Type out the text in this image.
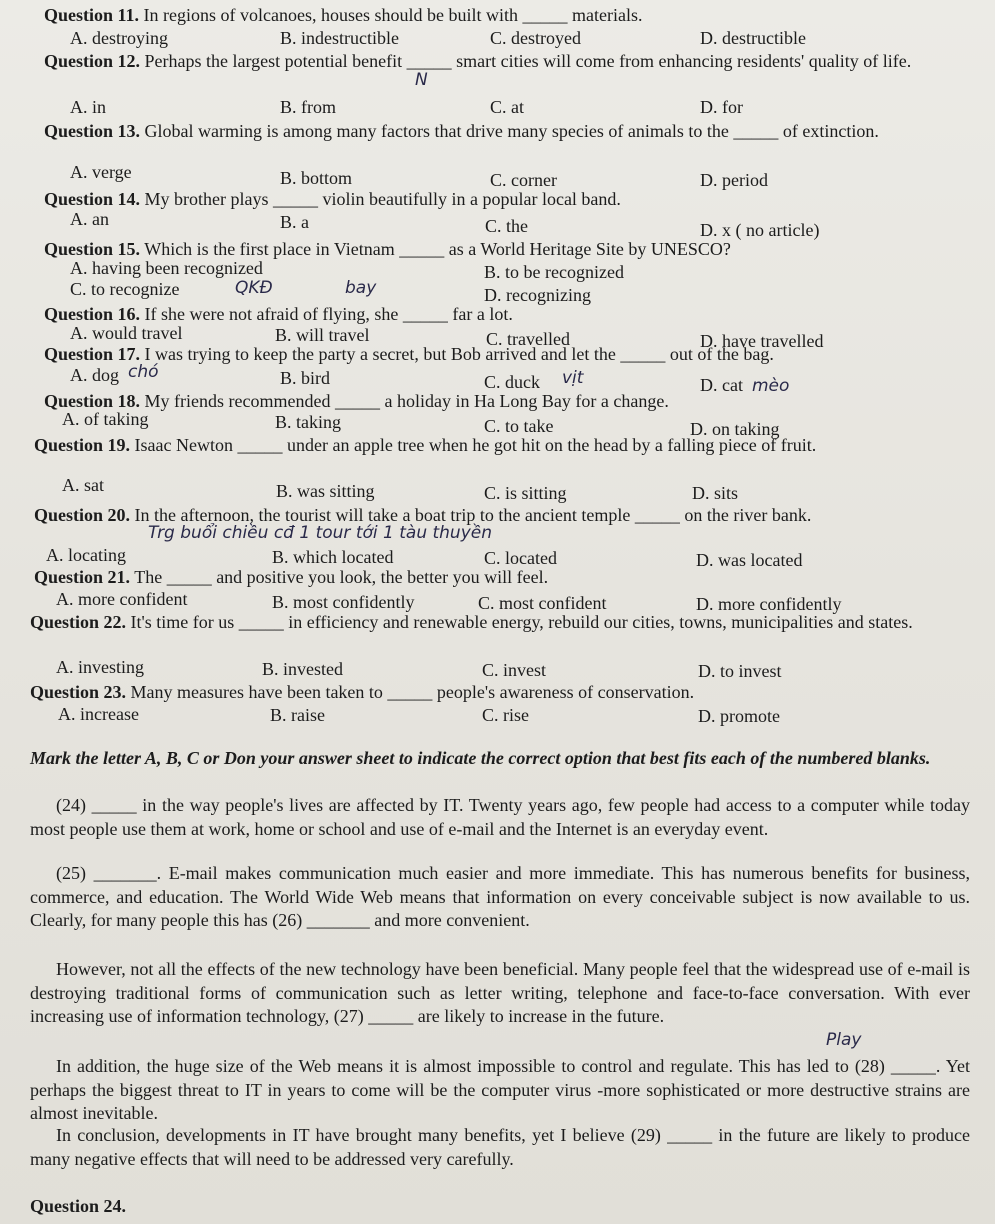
Question 11. In regions of volcanoes, houses should be built with _____ materials.
A. destroying	B. indestructible	C. destroyed	D. destructible
Question 12. Perhaps the largest potential benefit _____ smart cities will come from enhancing residents' quality of life.
A. in	B. from	C. at	D. for
N
Question 13. Global warming is among many factors that drive many species of animals to the _____ of extinction.
A. verge	B. bottom	C. corner	D. period
Question 14. My brother plays _____ violin beautifully in a popular local band.
A. an	B. a	C. the	D. x ( no article)
Question 15. Which is the first place in Vietnam _____ as a World Heritage Site by UNESCO?
A. having been recognized	B. to be recognized
C. to recognize	D. recognizing
QKĐ	bay
Question 16. If she were not afraid of flying, she _____ far a lot.
A. would travel	B. will travel	C. travelled	D. have travelled
Question 17. I was trying to keep the party a secret, but Bob arrived and let the _____ out of the bag.
A. dog	B. bird	C. duck	D. cat
chó	vịt	mèo
Question 18. My friends recommended _____ a holiday in Ha Long Bay for a change.
A. of taking	B. taking	C. to take	D. on taking
Question 19. Isaac Newton _____ under an apple tree when he got hit on the head by a falling piece of fruit.
A. sat	B. was sitting	C. is sitting	D. sits
Question 20. In the afternoon, the tourist will take a boat trip to the ancient temple _____ on the river bank.
Trg buổi chiều cđ 1 tour tới 1 tàu thuyền
A. locating	B. which located	C. located	D. was located
Question 21. The _____ and positive you look, the better you will feel.
A. more confident	B. most confidently	C. most confident	D. more confidently
Question 22. It's time for us _____ in efficiency and renewable energy, rebuild our cities, towns, municipalities and states.
A. investing	B. invested	C. invest	D. to invest
Question 23. Many measures have been taken to _____ people's awareness of conservation.
A. increase	B. raise	C. rise	D. promote
Mark the letter A, B, C or Don your answer sheet to indicate the correct option that best fits each of the numbered blanks.
(24) _____ in the way people's lives are affected by IT. Twenty years ago, few people had access to a computer while today most people use them at work, home or school and use of e-mail and the Internet is an everyday event.
(25) _______. E-mail makes communication much easier and more immediate. This has numerous benefits for business, commerce, and education. The World Wide Web means that information on every conceivable subject is now available to us. Clearly, for many people this has (26) _______ and more convenient.
However, not all the effects of the new technology have been beneficial. Many people feel that the widespread use of e-mail is destroying traditional forms of communication such as letter writing, telephone and face-to-face conversation. With ever increasing use of information technology, (27) _____ are likely to increase in the future.
Play
In addition, the huge size of the Web means it is almost impossible to control and regulate. This has led to (28) _____. Yet perhaps the biggest threat to IT in years to come will be the computer virus -more sophisticated or more destructive strains are almost inevitable.
In conclusion, developments in IT have brought many benefits, yet I believe (29) _____ in the future are likely to produce many negative effects that will need to be addressed very carefully.
Question 24.
